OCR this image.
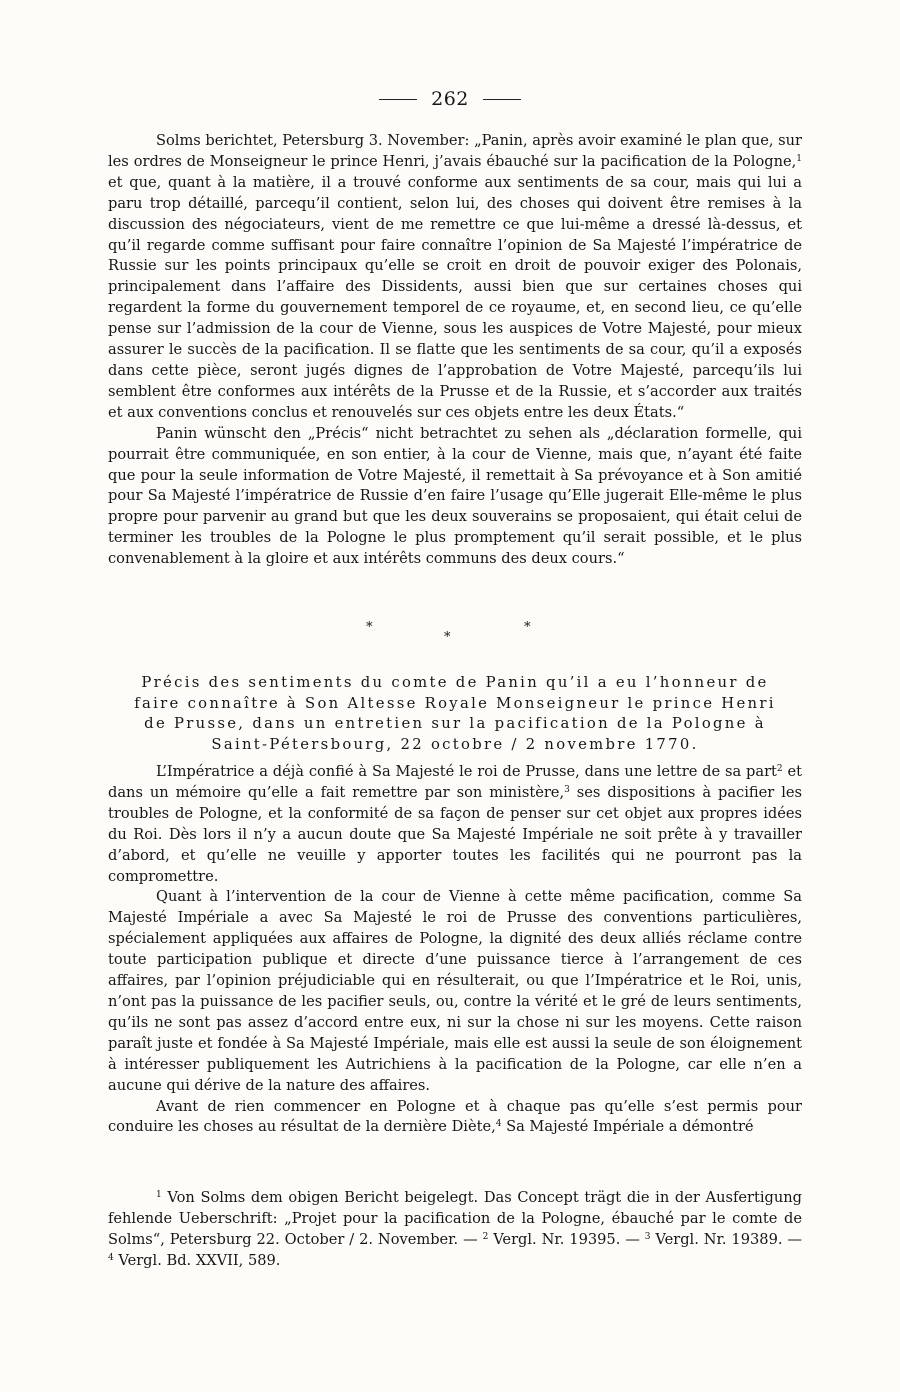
262

Solms berichtet, Petersburg 3. November: „Panin, après avoir examiné le plan que, sur les ordres de Monseigneur le prince Henri, j’avais ébauché sur la pacification de la Pologne,$^1$ et que, quant à la matière, il a trouvé conforme aux sentiments de sa cour, mais qui lui a paru trop détaillé, parcequ’il contient, selon lui, des choses qui doivent être remises à la discussion des négociateurs, vient de me remettre ce que lui-même a dressé là-dessus, et qu’il regarde comme suffisant pour faire connaître l’opinion de Sa Majesté l’impératrice de Russie sur les points principaux qu’elle se croit en droit de pouvoir exiger des Polonais, principalement dans l’affaire des Dissidents, aussi bien que sur certaines choses qui regardent la forme du gouvernement temporel de ce royaume, et, en second lieu, ce qu’elle pense sur l’admission de la cour de Vienne, sous les auspices de Votre Majesté, pour mieux assurer le succès de la pacification. Il se flatte que les sentiments de sa cour, qu’il a exposés dans cette pièce, seront jugés dignes de l’approbation de Votre Majesté, parcequ’ils lui semblent être conformes aux intérêts de la Prusse et de la Russie, et s’accorder aux traités et aux conventions conclus et renouvelés sur ces objets entre les deux États.“

Panin wünscht den „Précis“ nicht betrachtet zu sehen als „déclaration formelle, qui pourrait être communiquée, en son entier, à la cour de Vienne, mais que, n’ayant été faite que pour la seule information de Votre Majesté, il remettait à Sa prévoyance et à Son amitié pour Sa Majesté l’impératrice de Russie d’en faire l’usage qu’Elle jugerait Elle-même le plus propre pour parvenir au grand but que les deux souverains se proposaient, qui était celui de terminer les troubles de la Pologne le plus promptement qu’il serait possible, et le plus convenablement à la gloire et aux intérêts communs des deux cours.“

*
*
*
Précis des sentiments du comte de Panin qu’il a eu l’honneur de
faire connaître à Son Altesse Royale Monseigneur le prince Henri
de Prusse, dans un entretien sur la pacification de la Pologne à
Saint-Pétersbourg, 22 octobre / 2 novembre 1770.

L’Impératrice a déjà confié à Sa Majesté le roi de Prusse, dans une lettre de sa part$^2$ et dans un mémoire qu’elle a fait remettre par son ministère,$^3$ ses dispositions à pacifier les troubles de Pologne, et la conformité de sa façon de penser sur cet objet aux propres idées du Roi. Dès lors il n’y a aucun doute que Sa Majesté Impériale ne soit prête à y travailler d’abord, et qu’elle ne veuille y apporter toutes les facilités qui ne pourront pas la compromettre.

Quant à l’intervention de la cour de Vienne à cette même pacification, comme Sa Majesté Impériale a avec Sa Majesté le roi de Prusse des conventions particulières, spécialement appliquées aux affaires de Pologne, la dignité des deux alliés réclame contre toute participation publique et directe d’une puissance tierce à l’arrangement de ces affaires, par l’opinion préjudiciable qui en résulterait, ou que l’Impératrice et le Roi, unis, n’ont pas la puissance de les pacifier seuls, ou, contre la vérité et le gré de leurs sentiments, qu’ils ne sont pas assez d’accord entre eux, ni sur la chose ni sur les moyens. Cette raison paraît juste et fondée à Sa Majesté Impériale, mais elle est aussi la seule de son éloignement à intéresser publiquement les Autrichiens à la pacification de la Pologne, car elle n’en a aucune qui dérive de la nature des affaires.

Avant de rien commencer en Pologne et à chaque pas qu’elle s’est permis pour conduire les choses au résultat de la dernière Diète,$^4$ Sa Majesté Impériale a démontré

$^1$ Von Solms dem obigen Bericht beigelegt. Das Concept trägt die in der Ausfertigung fehlende Ueberschrift: „Projet pour la pacification de la Pologne, ébauché par le comte de Solms“, Petersburg 22. October / 2. November. — $^2$ Vergl. Nr. 19395. — $^3$ Vergl. Nr. 19389. — $^4$ Vergl. Bd. XXVII, 589.
